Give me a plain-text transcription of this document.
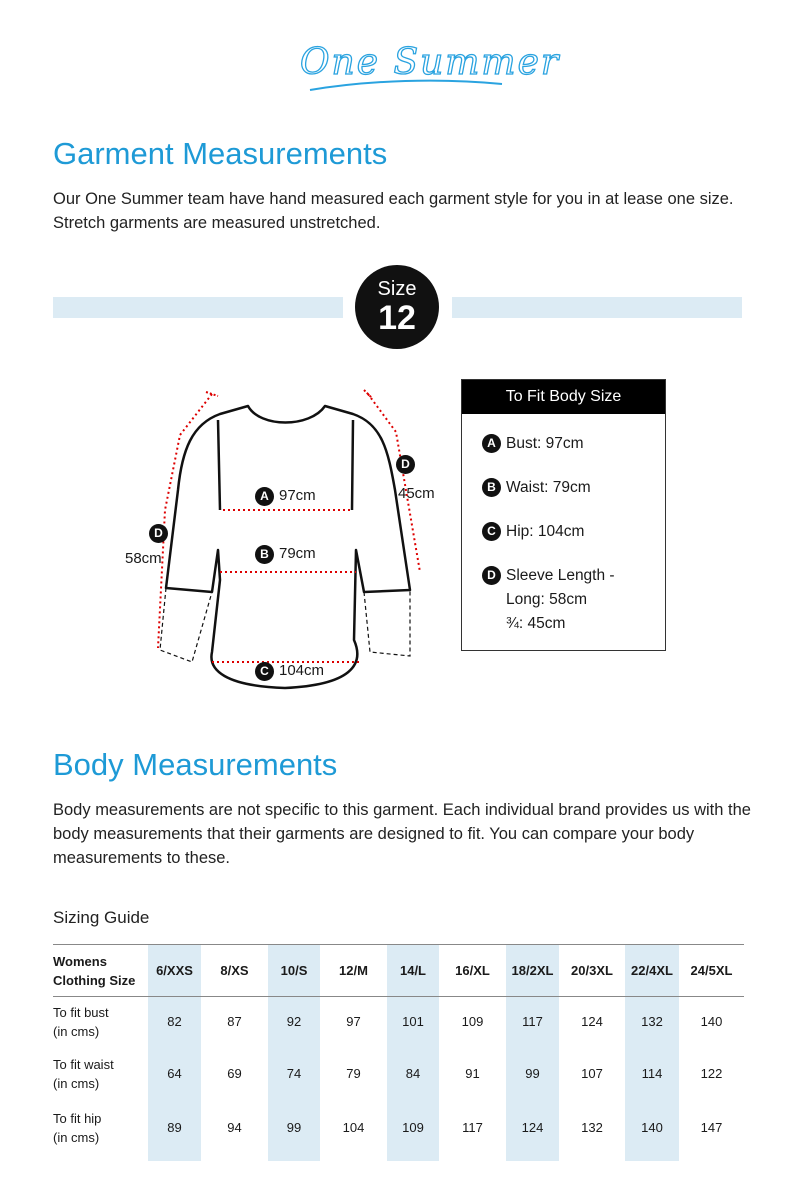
One Summer
Garment Measurements

Our One Summer team have hand measured each garment style for you in at lease one size. Stretch garments are measured unstretched.

Size
12
A 97cm
B 79cm
C 104cm
D
58cm
D
45cm
To Fit Body Size
A Bust: 97cm
B Waist: 79cm
C Hip: 104cm
D Sleeve Length -
Long: 58cm
¾: 45cm
Body Measurements

Body measurements are not specific to this garment. Each individual brand provides us with the body measurements that their garments are designed to fit. You can compare your body measurements to these.

Sizing Guide
Womens
Clothing Size	6/XXS	8/XS	10/S	12/M	14/L	16/XL	18/2XL	20/3XL	22/4XL	24/5XL
To fit bust
(in cms)	82	87	92	97	101	109	117	124	132	140
To fit waist
(in cms)	64	69	74	79	84	91	99	107	114	122
To fit hip
(in cms)	89	94	99	104	109	117	124	132	140	147
